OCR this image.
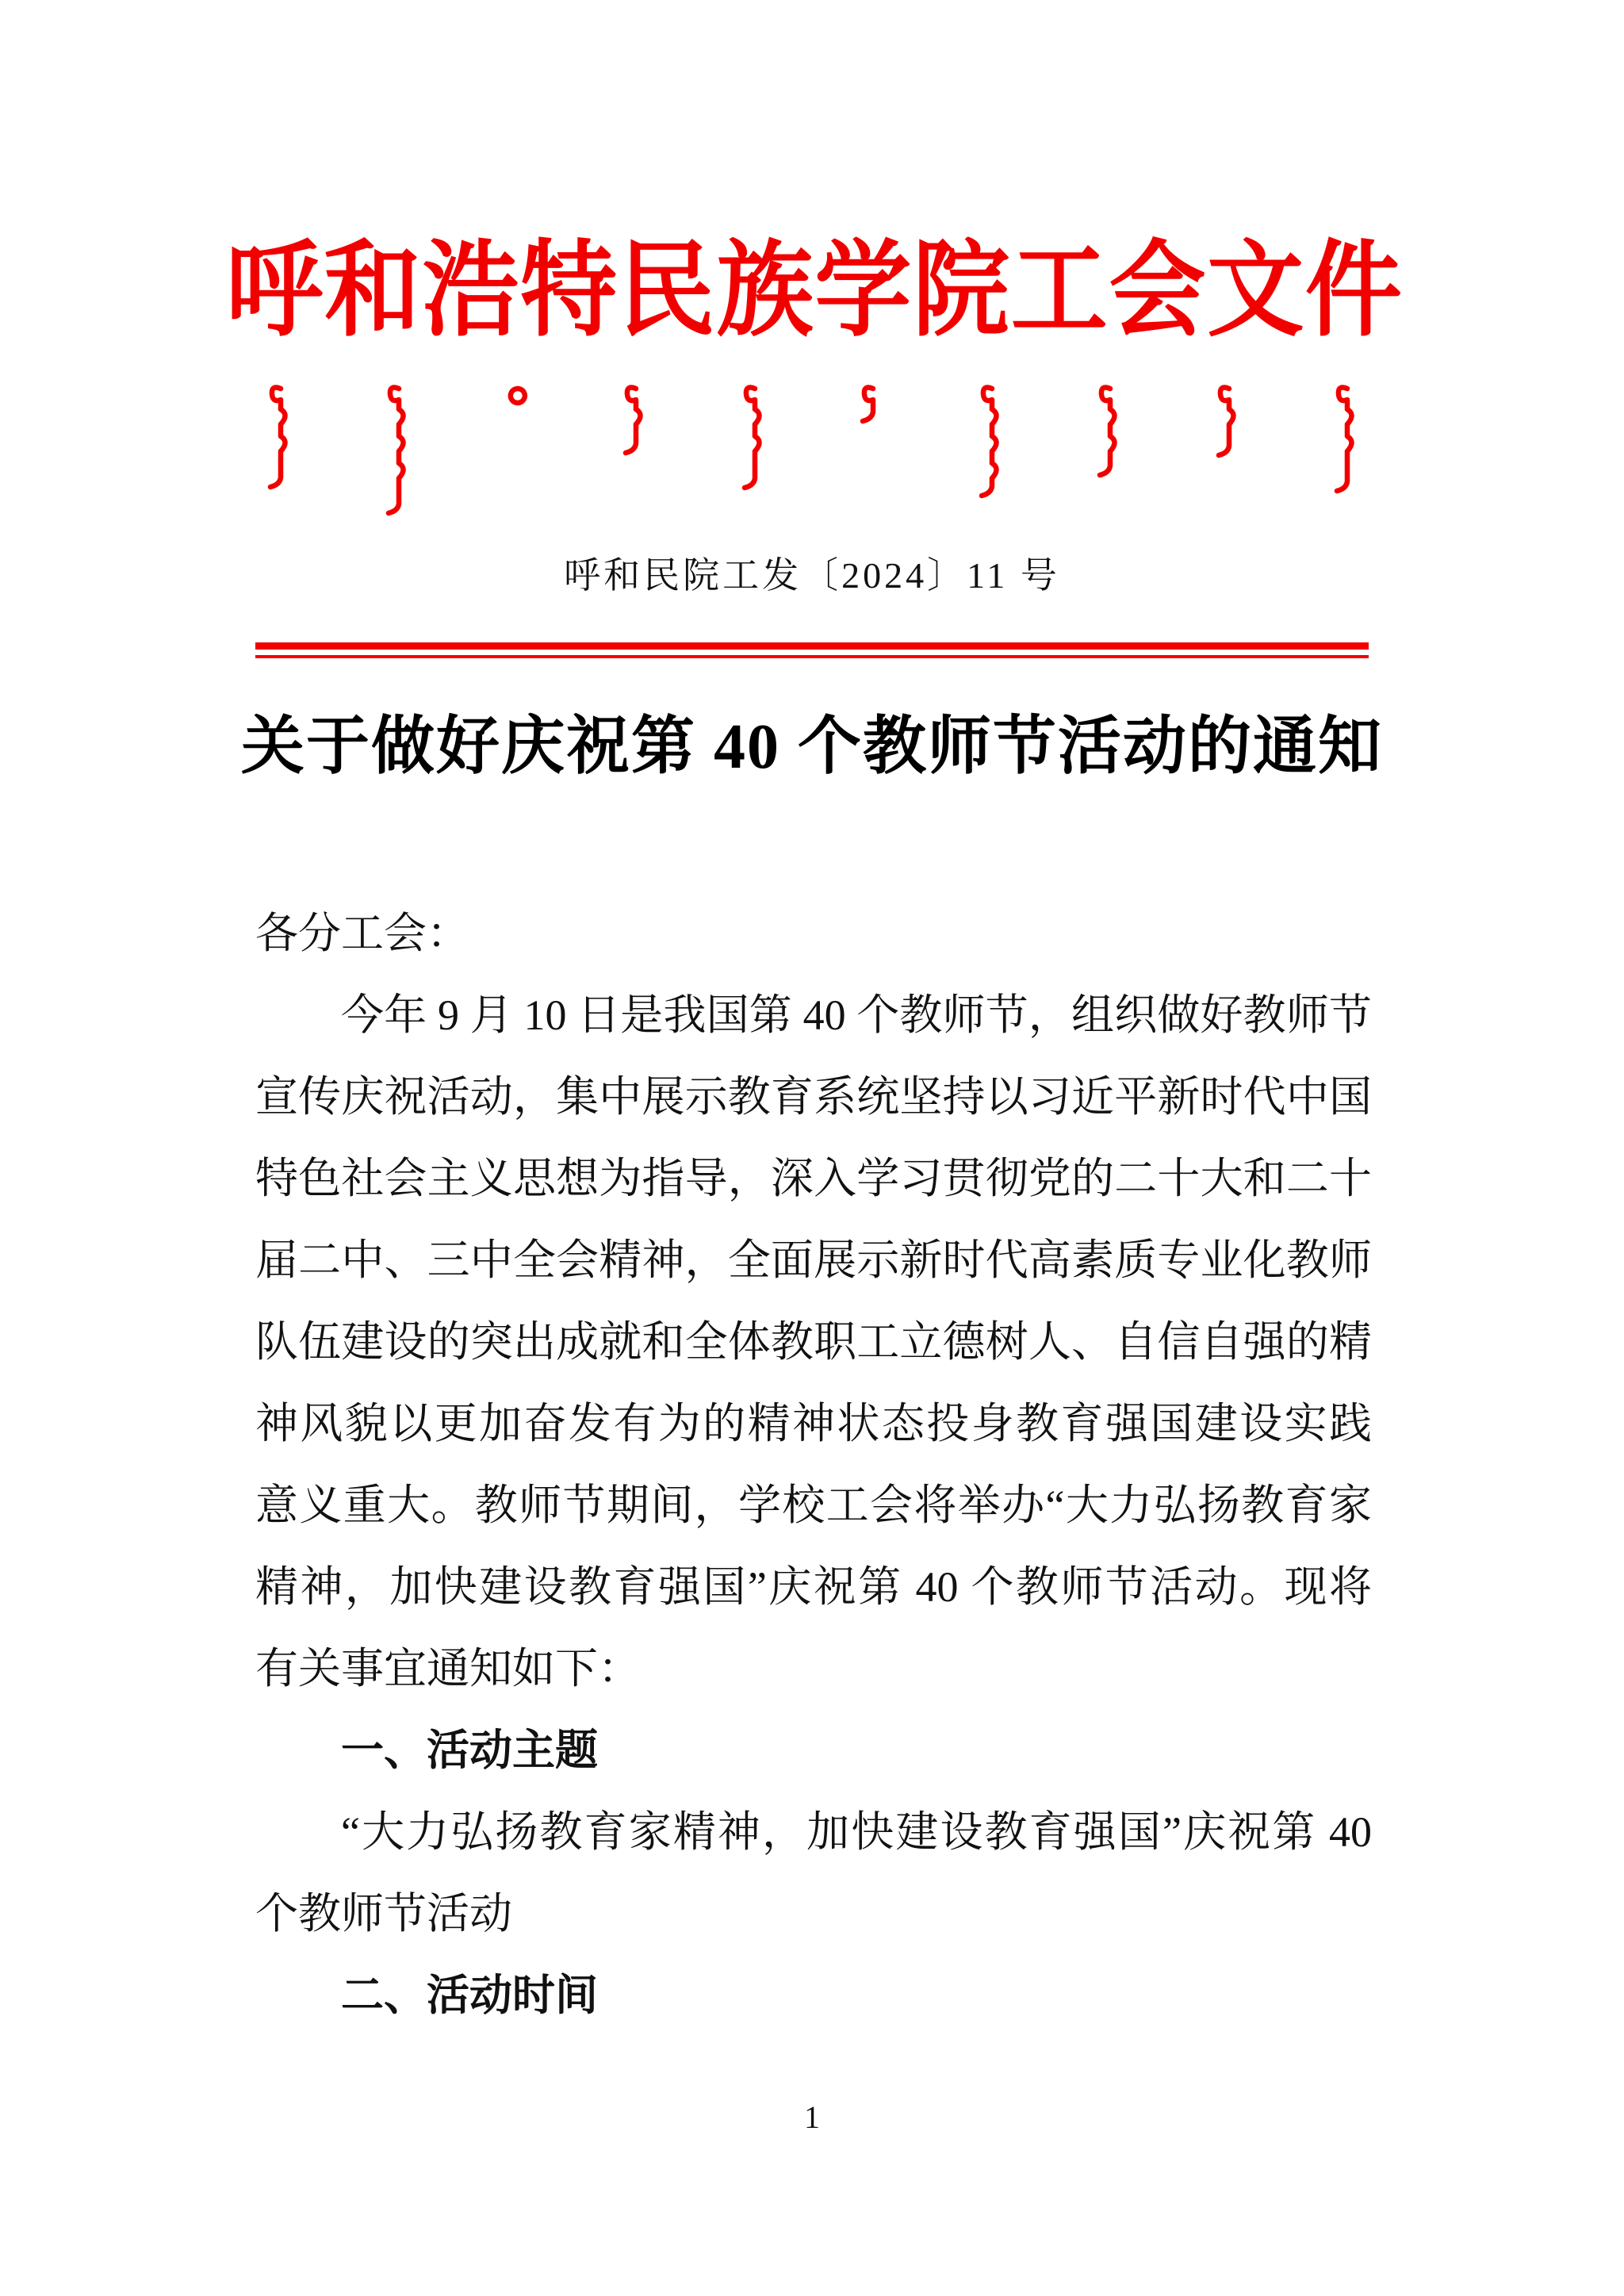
呼 和 浩 特 民 族 学 院 工 会 文 件
呼和民院工发〔2024〕11 号
关于做好庆祝第 40 个教师节活动的通知
各分工会：
今年 9 月 10 日是我国第 40 个教师节，组织做好教师节
宣传庆祝活动，集中展示教育系统坚持以习近平新时代中国
特色社会主义思想为指导，深入学习贯彻党的二十大和二十
届二中、三中全会精神，全面展示新时代高素质专业化教师
队伍建设的突出成就和全体教职工立德树人、自信自强的精
神风貌以更加奋发有为的精神状态投身教育强国建设实践
意义重大。教师节期间，学校工会将举办“大力弘扬教育家
精神，加快建设教育强国”庆祝第 40 个教师节活动。现将
有关事宜通知如下：
一、活动主题
“大力弘扬教育家精神，加快建设教育强国”庆祝第 40
个教师节活动
二、活动时间
1
